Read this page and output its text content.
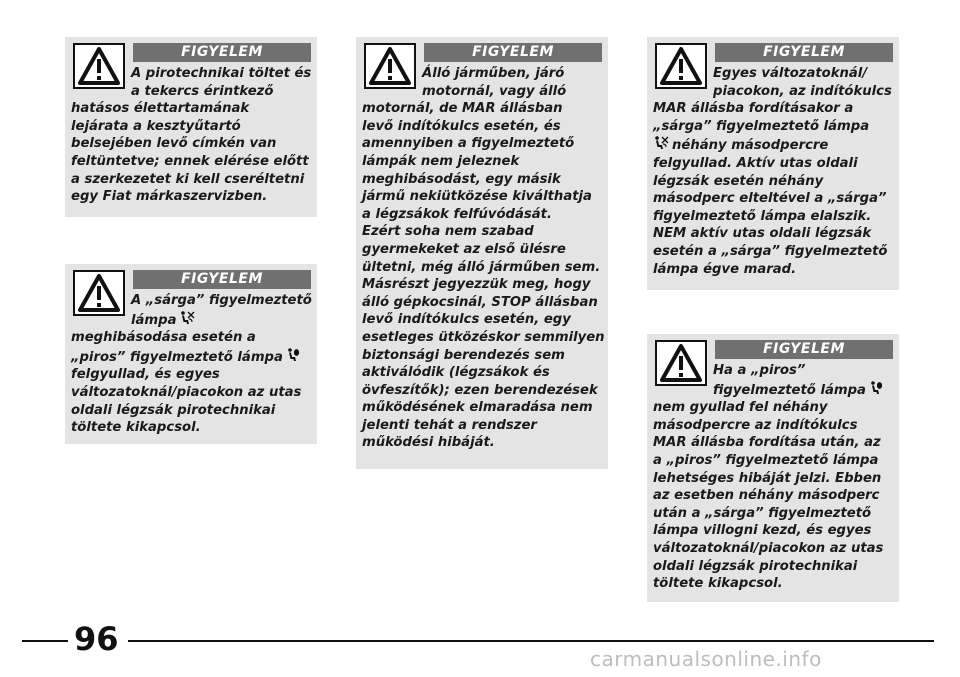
FIGYELEM
A pirotechnikai töltet és
a tekercs érintkező
hatásos élettartamának
lejárata a kesztyűtartó
belsejében levő címkén van
feltüntetve; ennek elérése előtt
a szerkezetet ki kell cseréltetni
egy Fiat márkaszervizben.
FIGYELEM
A „sárga” figyelmeztető
lámpa
meghibásodása esetén a
„piros” figyelmeztető lámpa
felgyullad, és egyes
változatoknál/piacokon az utas
oldali légzsák pirotechnikai
töltete kikapcsol.
FIGYELEM
Álló járműben, járó
motornál, vagy álló
motornál, de MAR állásban
levő indítókulcs esetén, és
amennyiben a figyelmeztető
lámpák nem jeleznek
meghibásodást, egy másik
jármű nekiütközése kiválthatja
a légzsákok felfúvódását.
Ezért soha nem szabad
gyermekeket az első ülésre
ültetni, még álló járműben sem.
Másrészt jegyezzük meg, hogy
álló gépkocsinál, STOP állásban
levő indítókulcs esetén, egy
esetleges ütközéskor semmilyen
biztonsági berendezés sem
aktiválódik (légzsákok és
övfeszítők); ezen berendezések
működésének elmaradása nem
jelenti tehát a rendszer
működési hibáját.
FIGYELEM
Egyes változatoknál/
piacokon, az indítókulcs
MAR állásba fordításakor a
„sárga” figyelmeztető lámpa
néhány másodpercre
felgyullad. Aktív utas oldali
légzsák esetén néhány
másodperc elteltével a „sárga”
figyelmeztető lámpa elalszik.
NEM aktív utas oldali légzsák
esetén a „sárga” figyelmeztető
lámpa égve marad.
FIGYELEM
Ha a „piros”
figyelmeztető lámpa
nem gyullad fel néhány
másodpercre az indítókulcs
MAR állásba fordítása után, az
a „piros” figyelmeztető lámpa
lehetséges hibáját jelzi. Ebben
az esetben néhány másodperc
után a „sárga” figyelmeztető
lámpa villogni kezd, és egyes
változatoknál/piacokon az utas
oldali légzsák pirotechnikai
töltete kikapcsol.
96
carmanualsonline.info
